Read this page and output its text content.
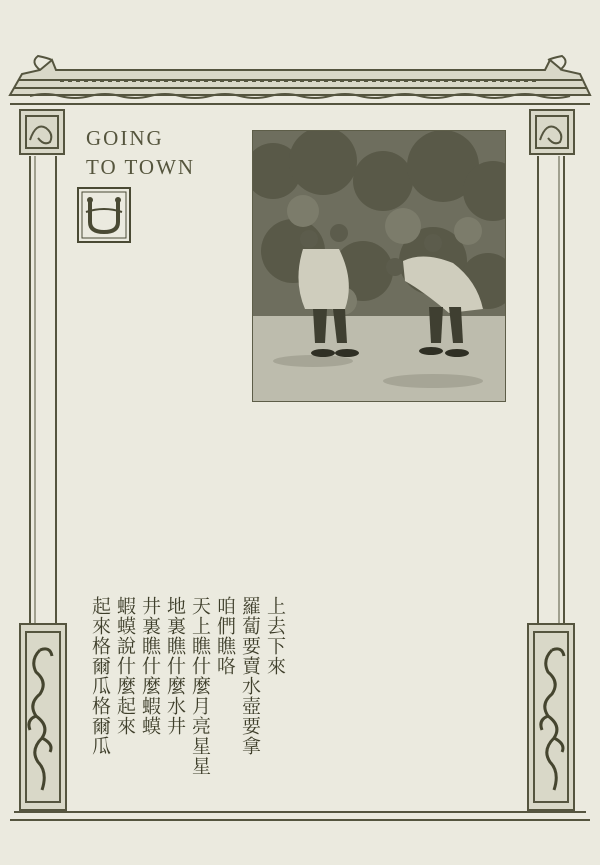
GOING
TO TOWN
上去下來
羅蔔要賣水壺要拿
咱們瞧咯
天上瞧什麼月亮星星
地裏瞧什麼水井
井裏瞧什麼蝦蟆
蝦蟆說什麼起來
起來格爾瓜格爾瓜
